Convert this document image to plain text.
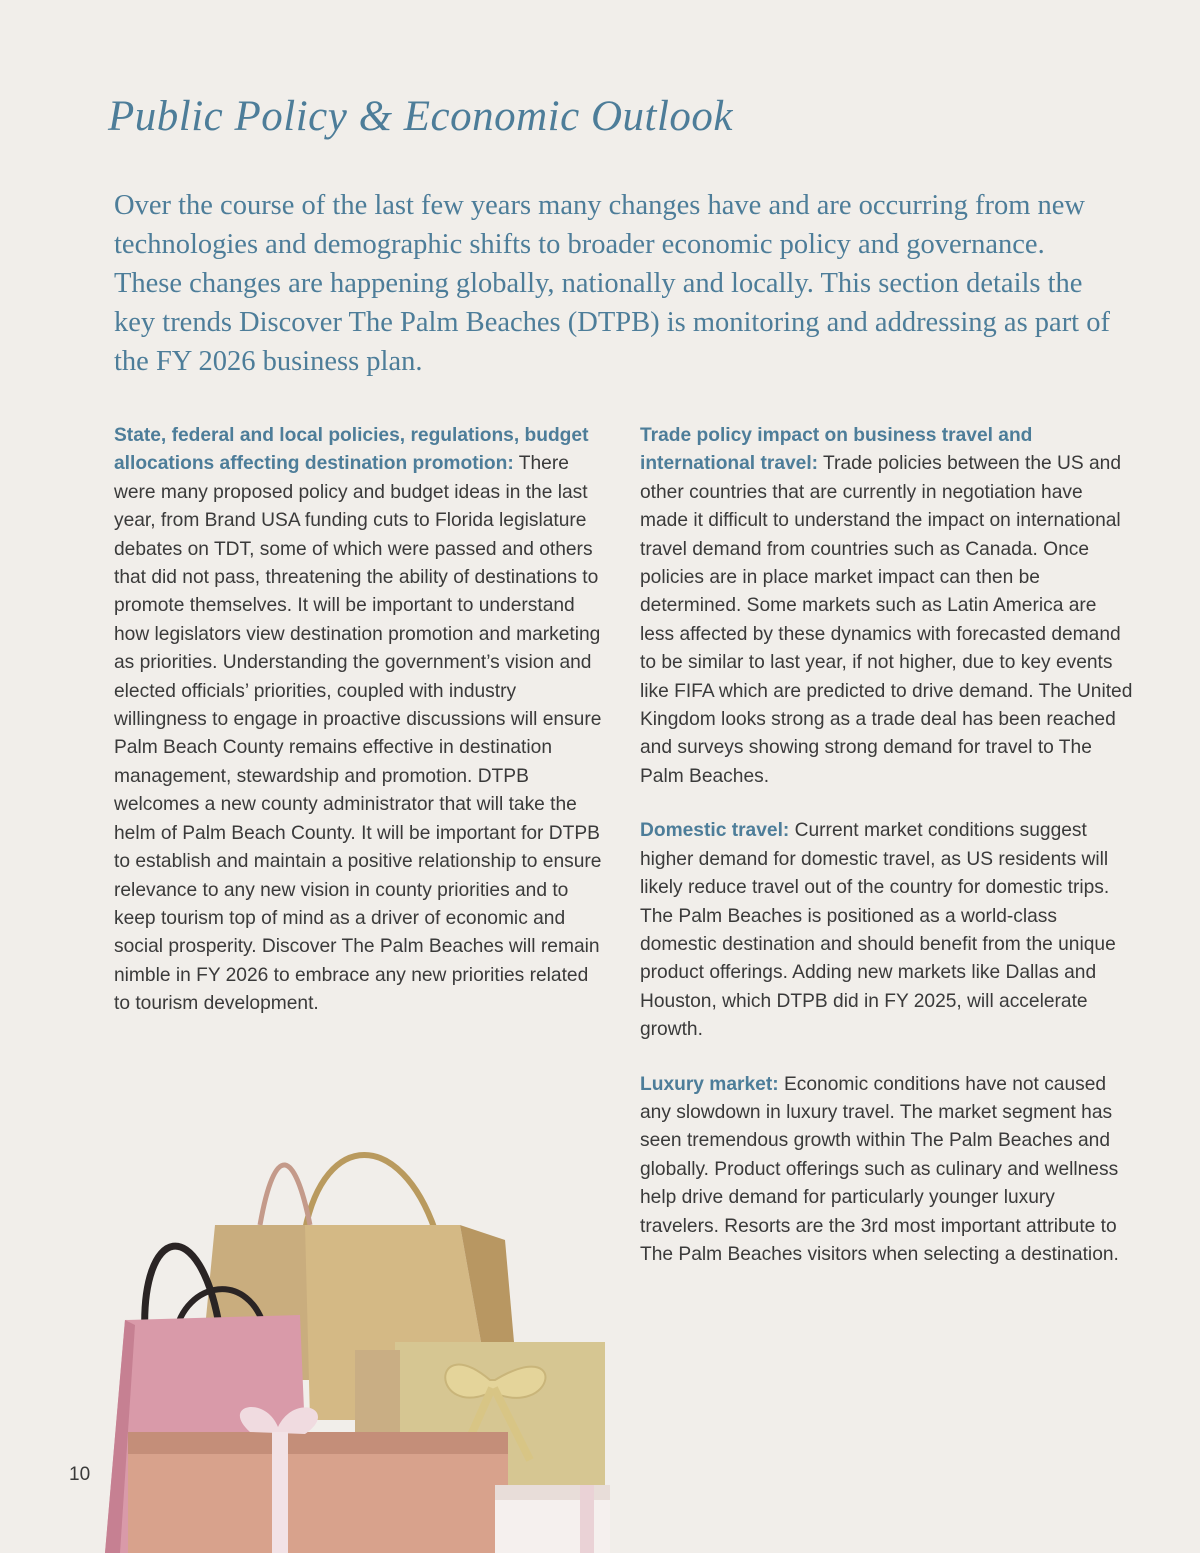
Public Policy & Economic Outlook

Over the course of the last few years many changes have and are occurring from new technologies and demographic shifts to broader economic policy and governance. These changes are happening globally, nationally and locally. This section details the key trends Discover The Palm Beaches (DTPB) is monitoring and addressing as part of the FY 2026 business plan.

State, federal and local policies, regulations, budget allocations affecting destination promotion: There were many proposed policy and budget ideas in the last year, from Brand USA funding cuts to Florida legislature debates on TDT, some of which were passed and others that did not pass, threatening the ability of destinations to promote themselves. It will be important to understand how legislators view destination promotion and marketing as priorities. Understanding the government’s vision and elected officials’ priorities, coupled with industry willingness to engage in proactive discussions will ensure Palm Beach County remains effective in destination management, stewardship and promotion. DTPB welcomes a new county administrator that will take the helm of Palm Beach County. It will be important for DTPB to establish and maintain a positive relationship to ensure relevance to any new vision in county priorities and to keep tourism top of mind as a driver of economic and social prosperity. Discover The Palm Beaches will remain nimble in FY 2026 to embrace any new priorities related to tourism development.

Trade policy impact on business travel and international travel: Trade policies between the US and other countries that are currently in negotiation have made it difficult to understand the impact on international travel demand from countries such as Canada. Once policies are in place market impact can then be determined. Some markets such as Latin America are less affected by these dynamics with forecasted demand to be similar to last year, if not higher, due to key events like FIFA which are predicted to drive demand. The United Kingdom looks strong as a trade deal has been reached and surveys showing strong demand for travel to The Palm Beaches.

Domestic travel: Current market conditions suggest higher demand for domestic travel, as US residents will likely reduce travel out of the country for domestic trips. The Palm Beaches is positioned as a world-class domestic destination and should benefit from the unique product offerings. Adding new markets like Dallas and Houston, which DTPB did in FY 2025, will accelerate growth.

Luxury market: Economic conditions have not caused any slowdown in luxury travel. The market segment has seen tremendous growth within The Palm Beaches and globally. Product offerings such as culinary and wellness help drive demand for particularly younger luxury travelers. Resorts are the 3rd most important attribute to The Palm Beaches visitors when selecting a destination.

10
